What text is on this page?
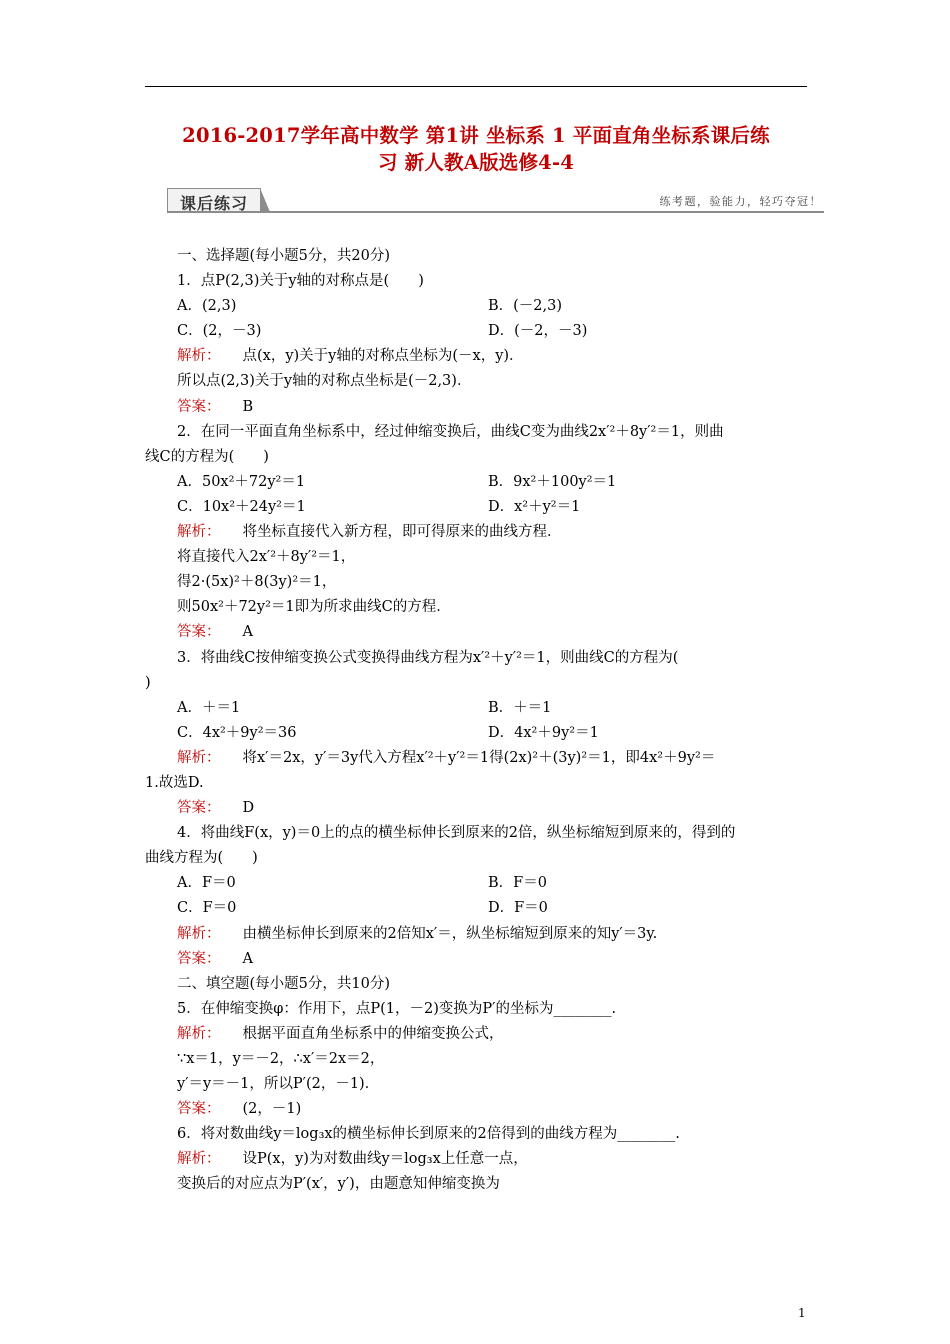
2016-2017学年高中数学 第1讲 坐标系 1 平面直角坐标系课后练
习 新人教A版选修4-4
课后练习	练考题，验能力，轻巧夺冠！
一、选择题(每小题5分，共20分)
1．点P(2,3)关于y轴的对称点是(　　)
A．(2,3)	B．(－2,3)
C．(2，－3)	D．(－2，－3)
解析： 点(x，y)关于y轴的对称点坐标为(－x，y)．
所以点(2,3)关于y轴的对称点坐标是(－2,3)．
答案： B
2．在同一平面直角坐标系中，经过伸缩变换后，曲线C变为曲线2x′²＋8y′²＝1，则曲
线C的方程为(　　)
A．50x²＋72y²＝1	B．9x²＋100y²＝1
C．10x²＋24y²＝1	D．x²＋y²＝1
解析： 将坐标直接代入新方程，即可得原来的曲线方程．
将直接代入2x′²＋8y′²＝1，
得2·(5x)²＋8(3y)²＝1，
则50x²＋72y²＝1即为所求曲线C的方程．
答案： A
3．将曲线C按伸缩变换公式变换得曲线方程为x′²＋y′²＝1，则曲线C的方程为(
)
A．＋＝1	B．＋＝1
C．4x²＋9y²＝36	D．4x²＋9y²＝1
解析： 将x′＝2x，y′＝3y代入方程x′²＋y′²＝1得(2x)²＋(3y)²＝1，即4x²＋9y²＝
1.故选D.
答案： D
4．将曲线F(x，y)＝0上的点的横坐标伸长到原来的2倍，纵坐标缩短到原来的，得到的
曲线方程为(　　)
A．F＝0	B．F＝0
C．F＝0	D．F＝0
解析： 由横坐标伸长到原来的2倍知x′＝，纵坐标缩短到原来的知y′＝3y.
答案： A
二、填空题(每小题5分，共10分)
5．在伸缩变换φ：作用下，点P(1，－2)变换为P′的坐标为________.
解析： 根据平面直角坐标系中的伸缩变换公式，
∵x＝1，y＝－2，∴x′＝2x＝2，
y′＝y＝－1，所以P′(2，－1)．
答案： (2，－1)
6．将对数曲线y＝log₃x的横坐标伸长到原来的2倍得到的曲线方程为________.
解析： 设P(x，y)为对数曲线y＝log₃x上任意一点，
变换后的对应点为P′(x′，y′)，由题意知伸缩变换为
1
